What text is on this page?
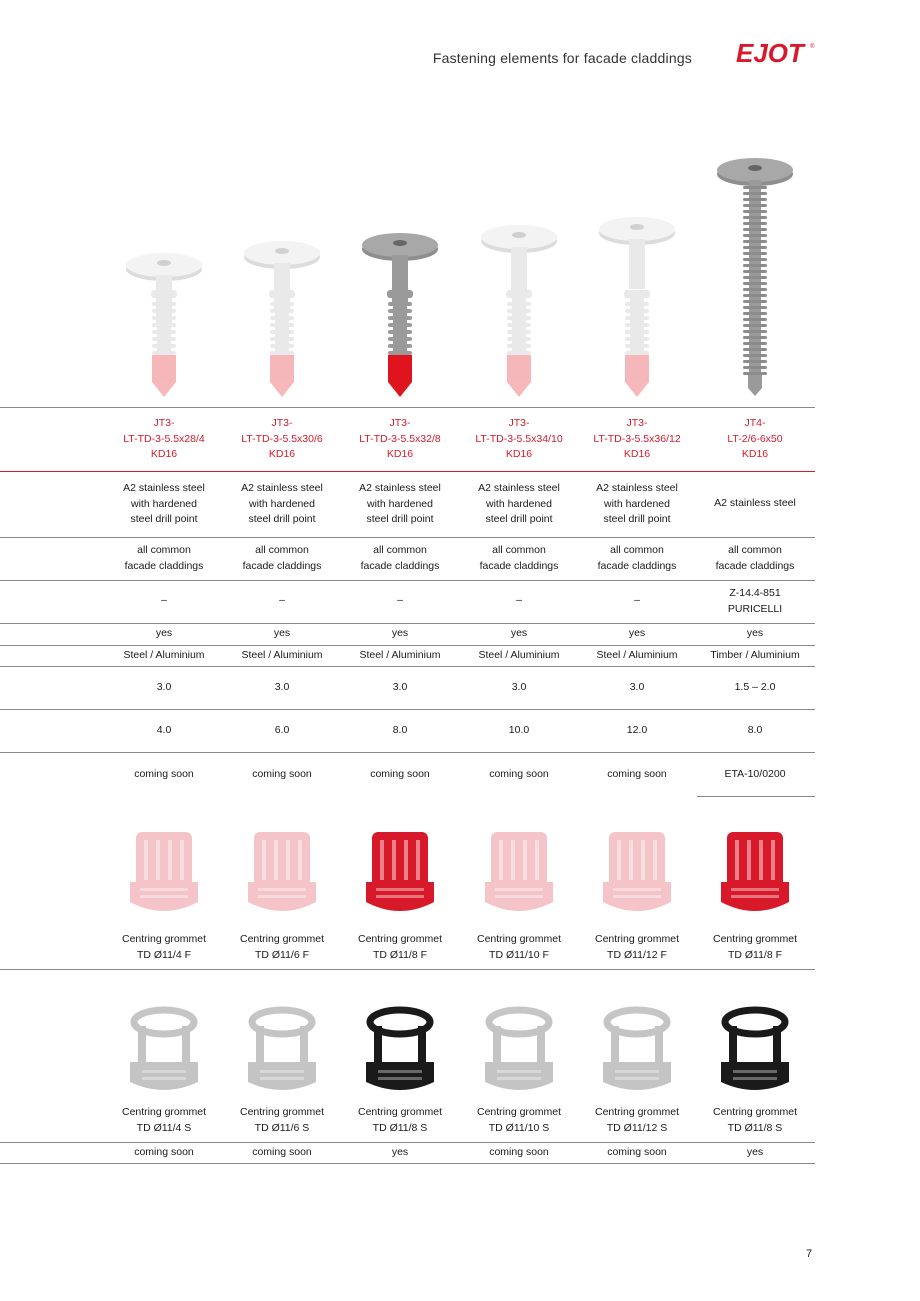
Fastening elements for facade claddings EJOT	®
JT3-
LT-TD-3-5.5x28/4
KD16
A2 stainless steel
with hardened
steel drill point
all common
facade claddings
–
yes
Steel / Aluminium
3.0
4.0
coming soon
Centring grommet
TD Ø11/4 F
Centring grommet
TD Ø11/4 S
coming soon
JT3-
LT-TD-3-5.5x30/6
KD16
A2 stainless steel
with hardened
steel drill point
all common
facade claddings
–
yes
Steel / Aluminium
3.0
6.0
coming soon
Centring grommet
TD Ø11/6 F
Centring grommet
TD Ø11/6 S
coming soon
JT3-
LT-TD-3-5.5x32/8
KD16
A2 stainless steel
with hardened
steel drill point
all common
facade claddings
–
yes
Steel / Aluminium
3.0
8.0
coming soon
Centring grommet
TD Ø11/8 F
Centring grommet
TD Ø11/8 S
yes
JT3-
LT-TD-3-5.5x34/10
KD16
A2 stainless steel
with hardened
steel drill point
all common
facade claddings
–
yes
Steel / Aluminium
3.0
10.0
coming soon
Centring grommet
TD Ø11/10 F
Centring grommet
TD Ø11/10 S
coming soon
JT3-
LT-TD-3-5.5x36/12
KD16
A2 stainless steel
with hardened
steel drill point
all common
facade claddings
–
yes
Steel / Aluminium
3.0
12.0
coming soon
Centring grommet
TD Ø11/12 F
Centring grommet
TD Ø11/12 S
coming soon
JT4-
LT-2/6-6x50
KD16
A2 stainless steel
all common
facade claddings
Z-14.4-851
PURICELLI
yes
Timber / Aluminium
1.5 – 2.0
8.0
ETA-10/0200
Centring grommet
TD Ø11/8 F
Centring grommet
TD Ø11/8 S
yes
7
